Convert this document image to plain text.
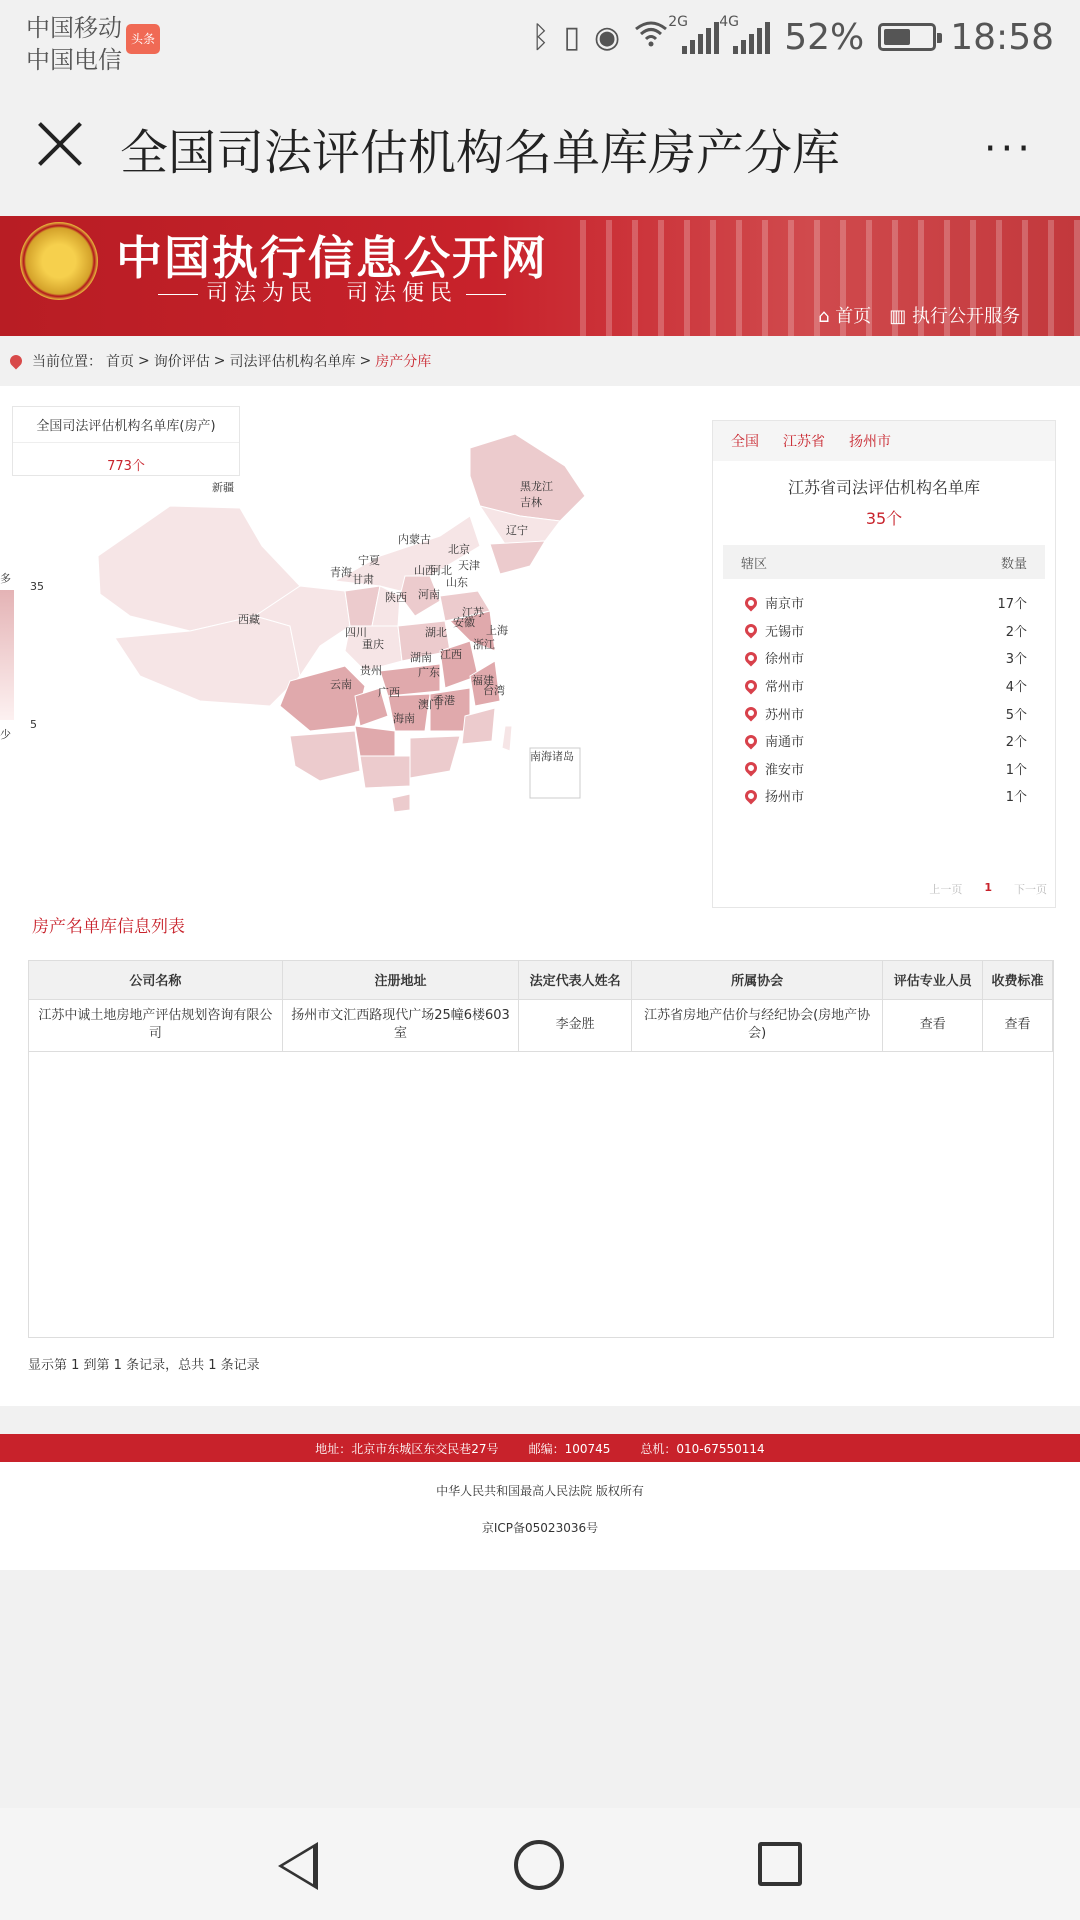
中国移动
中国电信
头条	ᛒ ▯ ◉	2G 4G 52% 18:58
全国司法评估机构名单库房产分库	···
中国执行信息公开网
司法为民　司法便民
⌂ 首页 ▥ 执行公开服务
当前位置： 首页 > 询价评估 > 司法评估机构名单库 > 房产分库
全国司法评估机构名单库(房产)
773个
新疆
西藏
青海
甘肃
宁夏
内蒙古
黑龙江
吉林
辽宁
北京
天津
河北
山西
山东
陕西 河南
四川
重庆
湖北
安徽
江苏
上海
浙江
湖南 江西
贵州
云南
广西
广东
福建
台湾
香港
澳门
海南
南海诸岛
多
35
5
少
全国 江苏省 扬州市
江苏省司法评估机构名单库
35个
辖区	数量
南京市	17个
无锡市	2个
徐州市	3个
常州市	4个
苏州市	5个
南通市	2个
淮安市	1个
扬州市	1个
上一页 1 下一页
房产名单库信息列表
公司名称	注册地址	法定代表人姓名	所属协会	评估专业人员	收费标准
江苏中诚土地房地产评估规划咨询有限公司	扬州市文汇西路现代广场25幢6楼603室	李金胜	江苏省房地产估价与经纪协会(房地产协会)	查看	查看
显示第 1 到第 1 条记录，总共 1 条记录
地址：北京市东城区东交民巷27号	邮编：100745	总机：010-67550114
中华人民共和国最高人民法院 版权所有
京ICP备05023036号
